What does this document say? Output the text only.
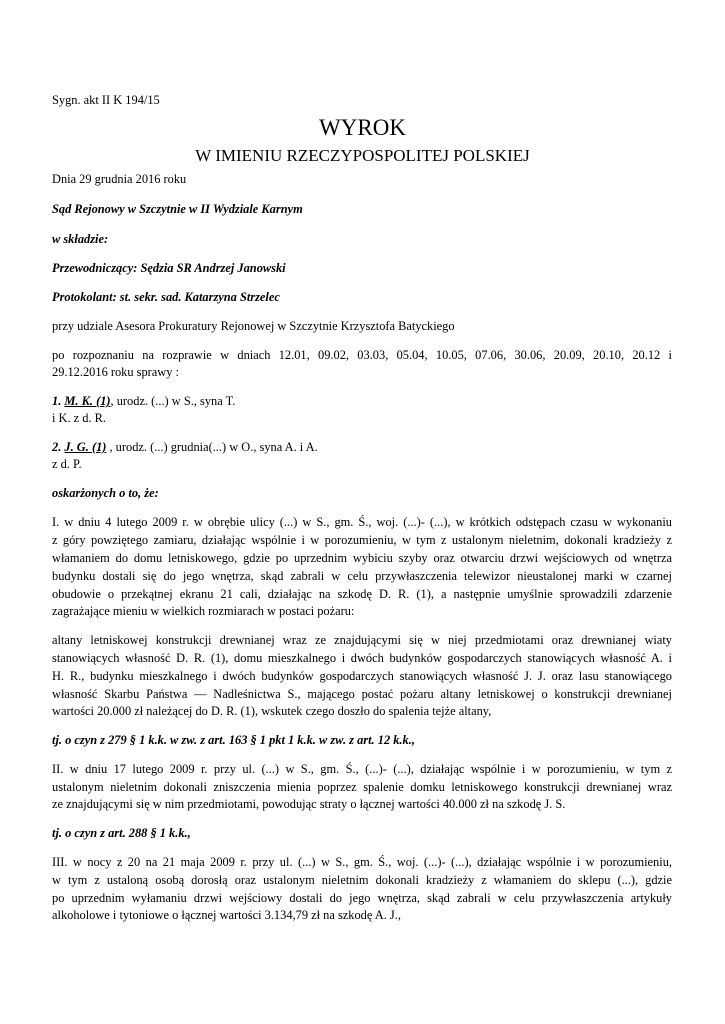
Sygn. akt II K 194/15
WYROK
W IMIENIU RZECZYPOSPOLITEJ POLSKIEJ
Dnia 29 grudnia 2016 roku
Sąd Rejonowy w Szczytnie w II Wydziale Karnym
w składzie:
Przewodniczący: Sędzia SR Andrzej Janowski
Protokolant: st. sekr. sad. Katarzyna Strzelec
przy udziale Asesora Prokuratury Rejonowej w Szczytnie Krzysztofa Batyckiego
po rozpoznaniu na rozprawie w dniach 12.01, 09.02, 03.03, 05.04, 10.05, 07.06, 30.06, 20.09, 20.10, 20.12 i
29.12.2016 roku sprawy :
1. M. K. (1), urodz. (...) w S., syna T.
i K. z d. R.
2. J. G. (1) , urodz. (...) grudnia(...) w O., syna A. i A.
z d. P.
oskarżonych o to, że:
I. w dniu 4 lutego 2009 r. w obrębie ulicy (...) w S., gm. Ś., woj. (...)- (...), w krótkich odstępach czasu w wykonaniu
z góry powziętego zamiaru, działając wspólnie i w porozumieniu, w tym z ustalonym nieletnim, dokonali kradzieży z
włamaniem do domu letniskowego, gdzie po uprzednim wybiciu szyby oraz otwarciu drzwi wejściowych od wnętrza
budynku dostali się do jego wnętrza, skąd zabrali w celu przywłaszczenia telewizor nieustalonej marki w czarnej
obudowie o przekątnej ekranu 21 cali, działając na szkodę D. R. (1), a następnie umyślnie sprowadzili zdarzenie
zagrażające mieniu w wielkich rozmiarach w postaci pożaru:
altany letniskowej konstrukcji drewnianej wraz ze znajdującymi się w niej przedmiotami oraz drewnianej wiaty
stanowiących własność D. R. (1), domu mieszkalnego i dwóch budynków gospodarczych stanowiących własność A. i
H. R., budynku mieszkalnego i dwóch budynków gospodarczych stanowiących własność J. J. oraz lasu stanowiącego
własność Skarbu Państwa — Nadleśnictwa S., mającego postać pożaru altany letniskowej o konstrukcji drewnianej
wartości 20.000 zł należącej do D. R. (1), wskutek czego doszło do spalenia tejże altany,
tj. o czyn z 279 § 1 k.k. w zw. z art. 163 § 1 pkt 1 k.k. w zw. z art. 12 k.k.,
II. w dniu 17 lutego 2009 r. przy ul. (...) w S., gm. Ś., (...)- (...), działając wspólnie i w porozumieniu, w tym z
ustalonym nieletnim dokonali zniszczenia mienia poprzez spalenie domku letniskowego konstrukcji drewnianej wraz
ze znajdującymi się w nim przedmiotami, powodując straty o łącznej wartości 40.000 zł na szkodę J. S.
tj. o czyn z art. 288 § 1 k.k.,
III. w nocy z 20 na 21 maja 2009 r. przy ul. (...) w S., gm. Ś., woj. (...)- (...), działając wspólnie i w porozumieniu,
w tym z ustaloną osobą dorosłą oraz ustalonym nieletnim dokonali kradzieży z włamaniem do sklepu (...), gdzie
po uprzednim wyłamaniu drzwi wejściowy dostali do jego wnętrza, skąd zabrali w celu przywłaszczenia artykuły
alkoholowe i tytoniowe o łącznej wartości 3.134,79 zł na szkodę A. J.,
